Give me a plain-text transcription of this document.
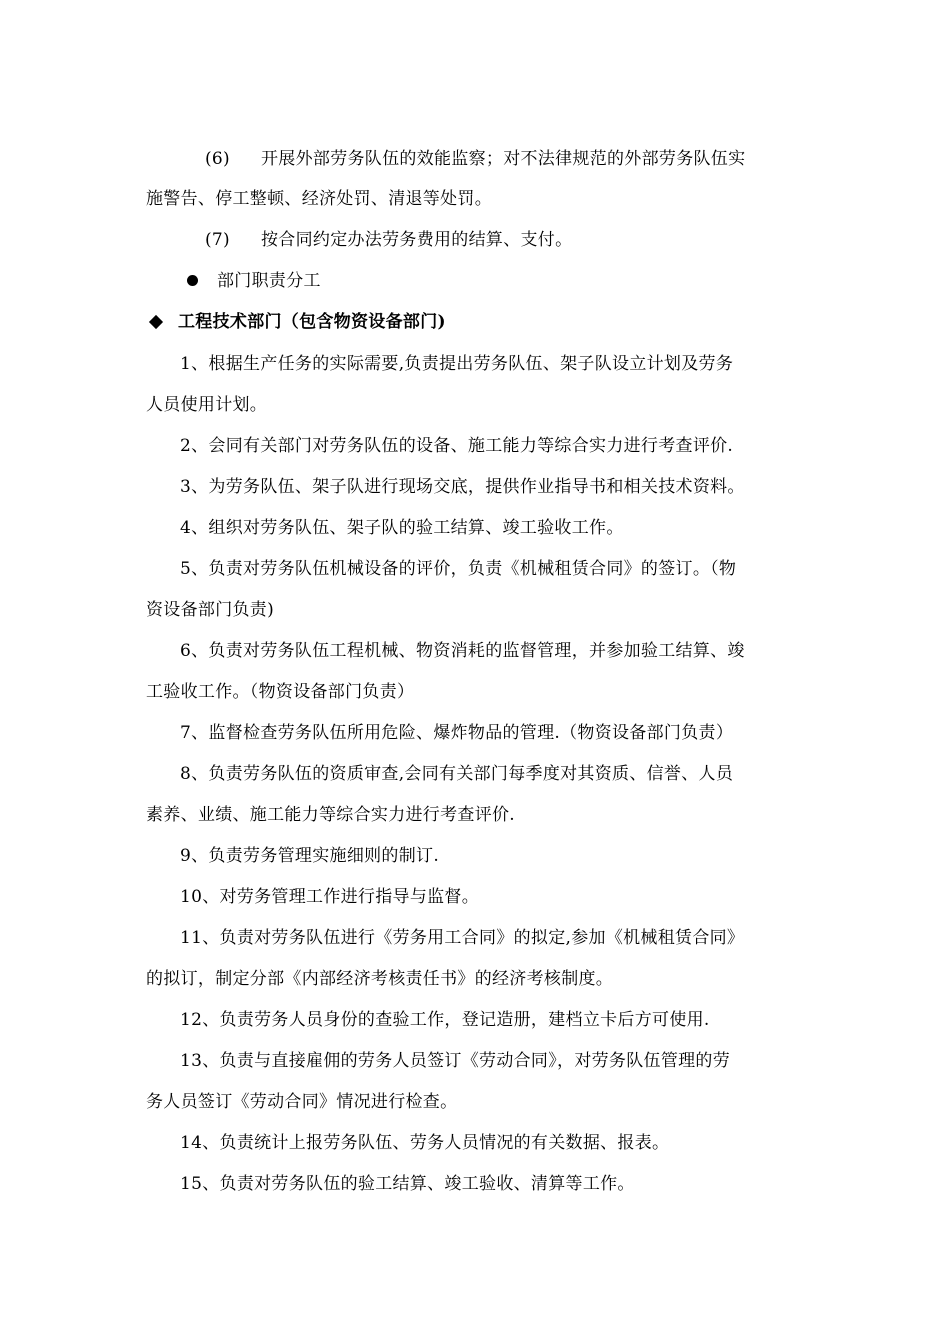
(6) 开展外部劳务队伍的效能监察；对不法律规范的外部劳务队伍实
施警告、停工整顿、经济处罚、清退等处罚。
(7) 按合同约定办法劳务费用的结算、支付。
部门职责分工
工程技术部门（包含物资设备部门)
1、根据生产任务的实际需要,负责提出劳务队伍、架子队设立计划及劳务
人员使用计划。
2、会同有关部门对劳务队伍的设备、施工能力等综合实力进行考查评价.
3、为劳务队伍、架子队进行现场交底，提供作业指导书和相关技术资料。
4、组织对劳务队伍、架子队的验工结算、竣工验收工作。
5、负责对劳务队伍机械设备的评价，负责《机械租赁合同》的签订。（物
资设备部门负责)
6、负责对劳务队伍工程机械、物资消耗的监督管理，并参加验工结算、竣
工验收工作。（物资设备部门负责）
7、监督检查劳务队伍所用危险、爆炸物品的管理.（物资设备部门负责）
8、负责劳务队伍的资质审查,会同有关部门每季度对其资质、信誉、人员
素养、业绩、施工能力等综合实力进行考查评价.
9、负责劳务管理实施细则的制订.
10、对劳务管理工作进行指导与监督。
11、负责对劳务队伍进行《劳务用工合同》的拟定,参加《机械租赁合同》
的拟订，制定分部《内部经济考核责任书》的经济考核制度。
12、负责劳务人员身份的查验工作，登记造册，建档立卡后方可使用.
13、负责与直接雇佣的劳务人员签订《劳动合同》，对劳务队伍管理的劳
务人员签订《劳动合同》情况进行检查。
14、负责统计上报劳务队伍、劳务人员情况的有关数据、报表。
15、负责对劳务队伍的验工结算、竣工验收、清算等工作。
